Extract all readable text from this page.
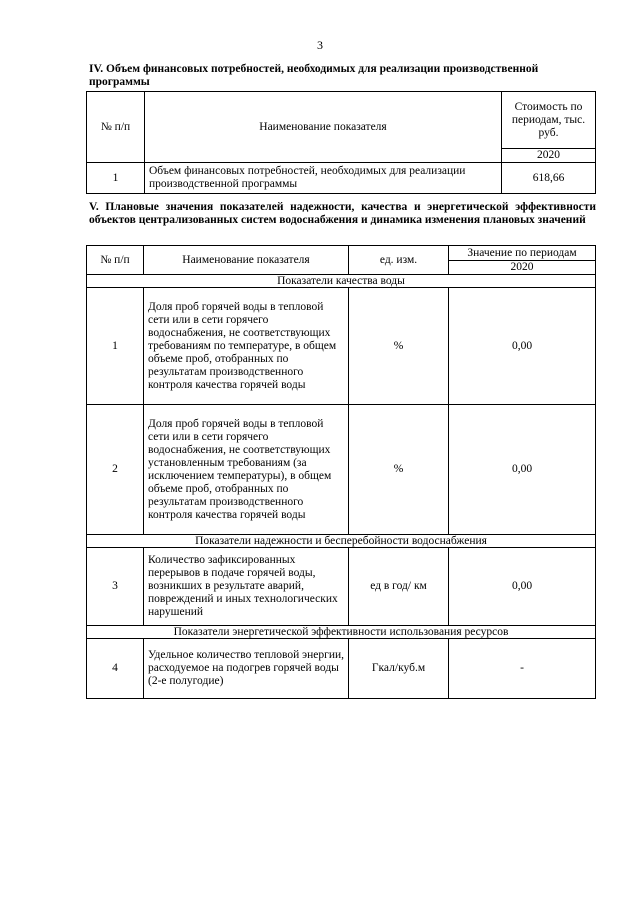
3
IV. Объем финансовых потребностей, необходимых для реализации производственной программы
№ п/п	Наименование показателя	Стоимость по периодам, тыс. руб.
		2020
1	Объем финансовых потребностей, необходимых для реализации производственной программы	618,66
V. Плановые значения показателей надежности, качества и энергетической эффективности объектов централизованных систем водоснабжения и динамика изменения плановых значений
№ п/п	Наименование показателя	ед. изм.	Значение по периодам
			2020
Показатели качества воды			
1	Доля проб горячей воды в тепловой сети или в сети горячего водоснабжения, не соответствующих требованиям по температуре, в общем объеме проб, отобранных по результатам производственного контроля качества горячей воды	%	0,00
2	Доля проб горячей воды в тепловой сети или в сети горячего водоснабжения, не соответствующих установленным требованиям (за исключением температуры), в общем объеме проб, отобранных по результатам производственного контроля качества горячей воды	%	0,00
Показатели надежности и бесперебойности водоснабжения			
3	Количество зафиксированных перерывов в подаче горячей воды, возникших в результате аварий, повреждений и иных технологических нарушений	ед в год/ км	0,00
Показатели энергетической эффективности использования ресурсов			
4	Удельное количество тепловой энергии, расходуемое на подогрев горячей воды (2-е полугодие)	Гкал/куб.м	-
